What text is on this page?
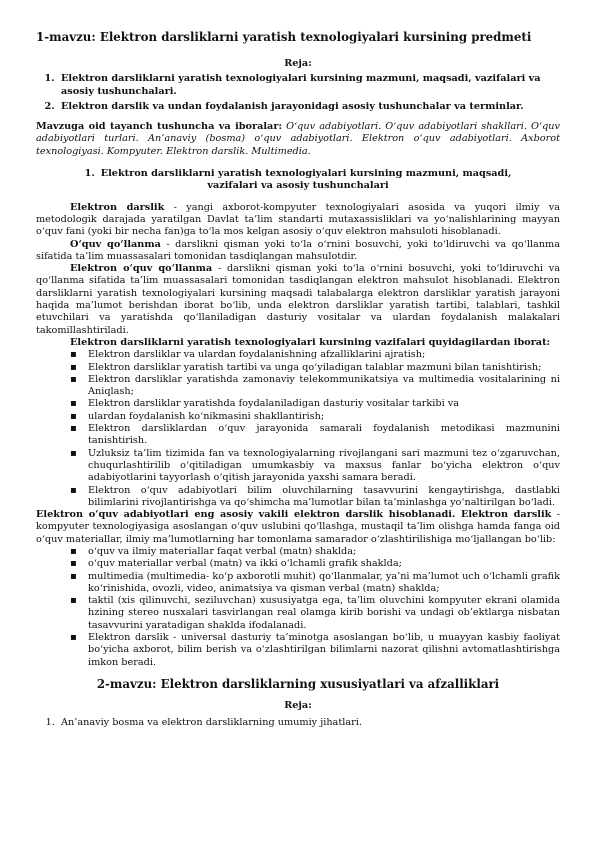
1-mavzu: Elektron darsliklarni yaratish texnologiyalari kursining predmeti

Reja:

1. Elektron darsliklarni yaratish texnologiyalari kursining mazmuni, maqsadi, vazifalari va asosiy tushunchalari.
2. Elektron darslik va undan foydalanish jarayonidagi asosiy tushunchalar va terminlar.

Mavzuga oid tayanch tushuncha va iboralar: O‘quv adabiyotlari. O‘quv adabiyotlari shakllari. O‘quv adabiyotlari turlari. An’anaviy (bosma) o‘quv adabiyotlari. Elektron o‘quv adabiyotlari. Axborot texnologiyasi. Kompyuter. Elektron darslik. Multimedia.

1. Elektron darsliklarni yaratish texnologiyalari kursining mazmuni, maqsadi, vazifalari va asosiy tushunchalari

Elektron darslik - yangi axborot-kompyuter texnologiyalari asosida va yuqori ilmiy va metodologik darajada yaratilgan Davlat ta’lim standarti mutaxassisliklari va yo‘nalishlarining mayyan o‘quv fani (yoki bir necha fan)ga to‘la mos kelgan asosiy o‘quv elektron mahsuloti hisoblanadi.

O‘quv qo‘llanma - darslikni qisman yoki to‘la o‘rnini bosuvchi, yoki to‘ldiruvchi va qo‘llanma sifatida ta’lim muassasalari tomonidan tasdiqlangan mahsulotdir.

Elektron o‘quv qo‘llanma - darslikni qisman yoki to‘la o‘rnini bosuvchi, yoki to‘ldiruvchi va qo‘llanma sifatida ta’lim muassasalari tomonidan tasdiqlangan elektron mahsulot hisoblanadi. Elektron darsliklarni yaratish texnologiyalari kursining maqsadi talabalarga elektron darsliklar yaratish jarayoni haqida ma’lumot berishdan iborat bo‘lib, unda elektron darsliklar yaratish tartibi, talablari, tashkil etuvchilari va yaratishda qo‘llaniladigan dasturiy vositalar va ulardan foydalanish malakalari takomillashtiriladi.

Elektron darsliklarni yaratish texnologiyalari kursining vazifalari quyidagilardan iborat:

▪ Elektron darsliklar va ulardan foydalanishning afzalliklarini ajratish;
▪ Elektron darsliklar yaratish tartibi va unga qo‘yiladigan talablar mazmuni bilan tanishtirish;
▪ Elektron darsliklar yaratishda zamonaviy telekommunikatsiya va multimedia vositalarining ni Aniqlash;
▪ Elektron darsliklar yaratishda foydalaniladigan dasturiy vositalar tarkibi va
▪ ulardan foydalanish ko‘nikmasini shakllantirish;
▪ Elektron darsliklardan o‘quv jarayonida samarali foydalanish metodikasi mazmunini tanishtirish.
▪ Uzluksiz ta’lim tizimida fan va texnologiyalarning rivojlangani sari mazmuni tez o‘zgaruvchan, chuqurlashtirilib o‘qitiladigan umumkasbiy va maxsus fanlar bo‘yicha elektron o‘quv adabiyotlarini tayyorlash o‘qitish jarayonida yaxshi samara beradi.
▪ Elektron o‘quv adabiyotlari bilim oluvchilarning tasavvurini kengaytirishga, dastlabki bilimlarini rivojlantirishga va qo‘shimcha ma’lumotlar bilan ta’minlashga yo‘naltirilgan bo‘ladi.

Elektron o‘quv adabiyotlari eng asosiy vakili elektron darslik hisoblanadi. Elektron darslik - kompyuter texnologiyasiga asoslangan o‘quv uslubini qo‘llashga, mustaqil ta’lim olishga hamda fanga oid o‘quv materiallar, ilmiy ma’lumotlarning har tomonlama samarador o‘zlashtirilishiga mo‘ljallangan bo‘lib:

▪ o‘quv va ilmiy materiallar faqat verbal (matn) shaklda;
▪ o‘quv materiallar verbal (matn) va ikki o‘lchamli grafik shaklda;
▪ multimedia (multimedia- ko‘p axborotli muhit) qo‘llanmalar, ya’ni ma’lumot uch o‘lchamli grafik ko‘rinishida, ovozli, video, animatsiya va qisman verbal (matn) shaklda;
▪ taktil (xis qilinuvchi, seziluvchan) xususiyatga ega, ta’lim oluvchini kompyuter ekrani olamida hzining stereo nusxalari tasvirlangan real olamga kirib borishi va undagi ob’ektlarga nisbatan tasavvurini yaratadigan shaklda ifodalanadi.
▪ Elektron darslik - universal dasturiy ta’minotga asoslangan bo‘lib, u muayyan kasbiy faoliyat bo‘yicha axborot, bilim berish va o‘zlashtirilgan bilimlarni nazorat qilishni avtomatlashtirishga imkon beradi.

2-mavzu: Elektron darsliklarning xususiyatlari va afzalliklari

Reja:

1. An’anaviy bosma va elektron darsliklarning umumiy jihatlari.
